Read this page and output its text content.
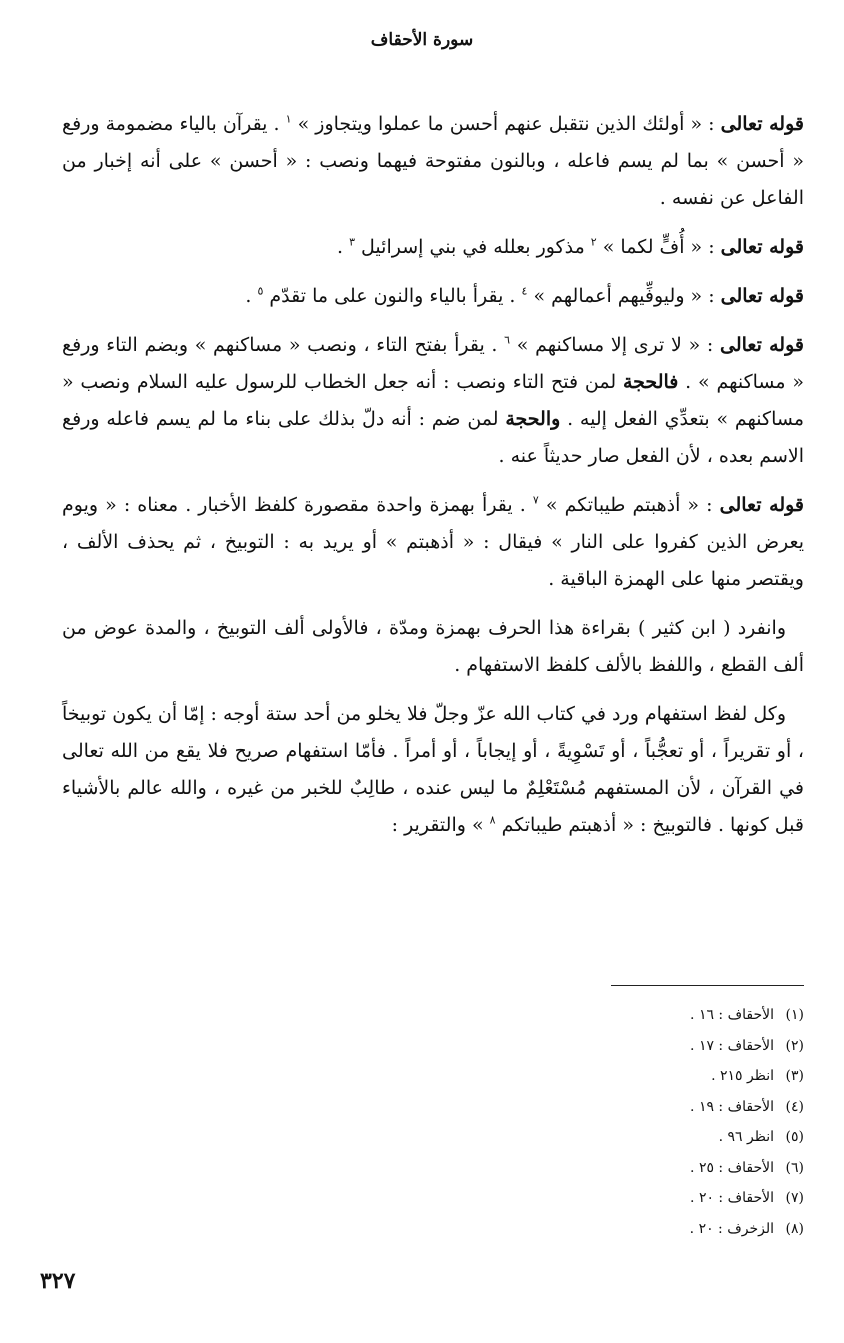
سورة الأحقاف

قوله تعالى : « أولئك الذين نتقبل عنهم أحسن ما عملوا ويتجاوز » $^١$ . يقرآن بالياء مضمومة ورفع « أحسن » بما لم يسم فاعله ، وبالنون مفتوحة فيهما ونصب : « أحسن » على أنه إخبار من الفاعل عن نفسه .

قوله تعالى : « أُفٍّ لكما » $^٢$ مذكور بعلله في بني إسرائيل $^٣$ .

قوله تعالى : « وليوفِّيهم أعمالهم » $^٤$ . يقرأ بالياء والنون على ما تقدّم $^٥$ .

قوله تعالى : « لا ترى إلا مساكنهم » $^٦$ . يقرأ بفتح التاء ، ونصب « مساكنهم » وبضم التاء ورفع « مساكنهم » . فالحجة لمن فتح التاء ونصب : أنه جعل الخطاب للرسول عليه السلام ونصب « مساكنهم » بتعدِّي الفعل إليه . والحجة لمن ضم : أنه دلّ بذلك على بناء ما لم يسم فاعله ورفع الاسم بعده ، لأن الفعل صار حديثاً عنه .

قوله تعالى : « أذهبتم طيباتكم » $^٧$ . يقرأ بهمزة واحدة مقصورة كلفظ الأخبار . معناه : « ويوم يعرض الذين كفروا على النار » فيقال : « أذهبتم » أو يريد به : التوبيخ ، ثم يحذف الألف ، ويقتصر منها على الهمزة الباقية .

وانفرد ( ابن كثير ) بقراءة هذا الحرف بهمزة ومدّة ، فالأولى ألف التوبيخ ، والمدة عوض من ألف القطع ، واللفظ بالألف كلفظ الاستفهام .

وكل لفظ استفهام ورد في كتاب الله عزّ وجلّ فلا يخلو من أحد ستة أوجه : إمّا أن يكون توبيخاً ، أو تقريراً ، أو تعجُّباً ، أو تَسْوِيةً ، أو إيجاباً ، أو أمراً . فأمّا استفهام صريح فلا يقع من الله تعالى في القرآن ، لأن المستفهم مُسْتَعْلِمٌ ما ليس عنده ، طالِبٌ للخبر من غيره ، والله عالم بالأشياء قبل كونها . فالتوبيخ : « أذهبتم طيباتكم $^٨$ » والتقرير :

(١)الأحقاف : ١٦ .
(٢)الأحقاف : ١٧ .
(٣)انظر ٢١٥ .
(٤)الأحقاف : ١٩ .
(٥)انظر ٩٦ .
(٦)الأحقاف : ٢٥ .
(٧)الأحقاف : ٢٠ .
(٨)الزخرف : ٢٠ .
٣٢٧
